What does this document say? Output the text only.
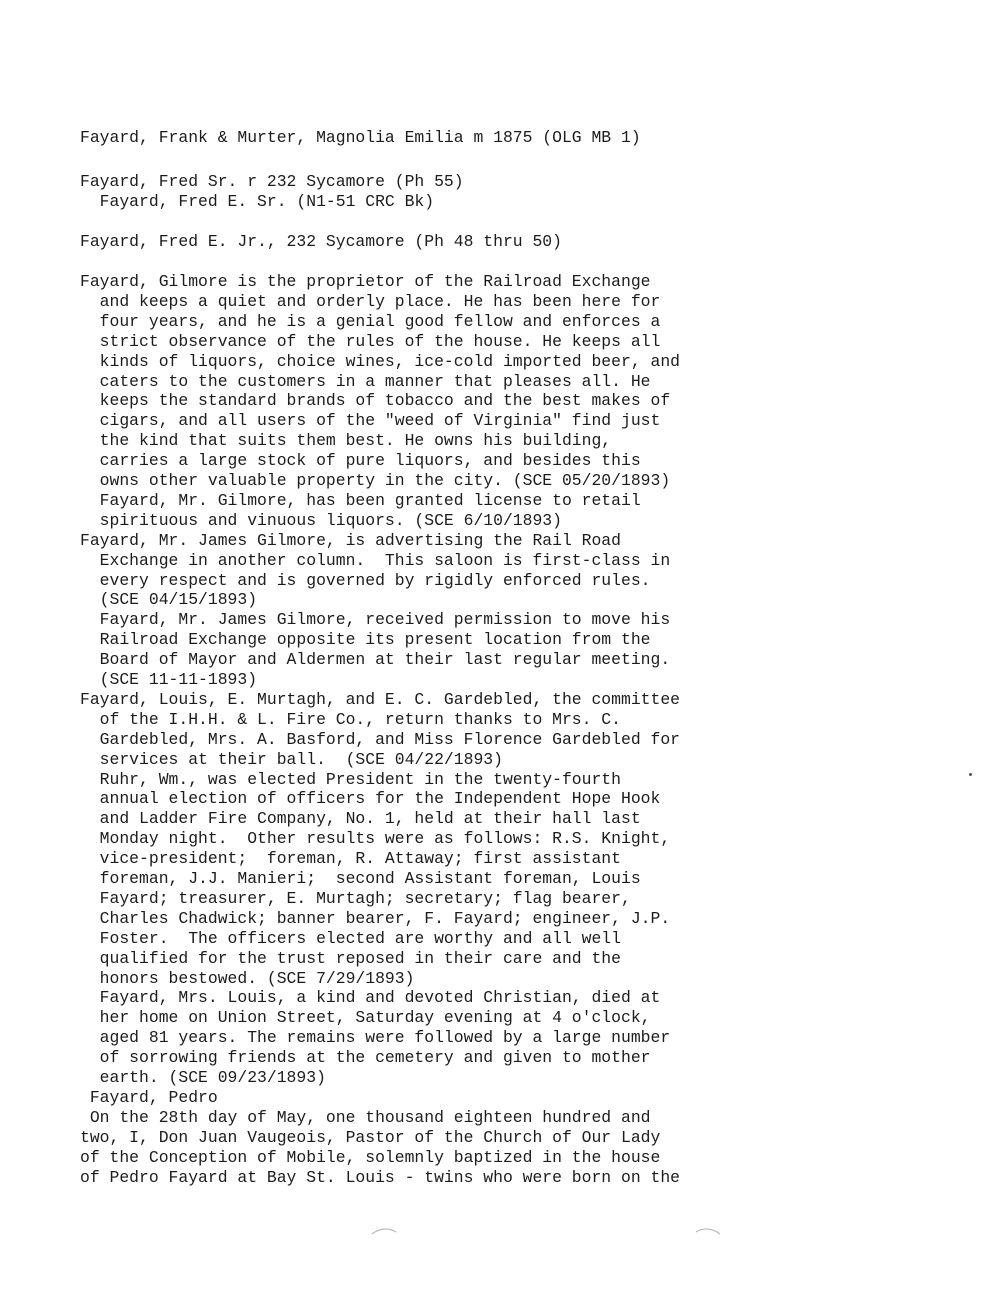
Fayard, Frank & Murter, Magnolia Emilia m 1875 (OLG MB 1)
Fayard, Fred Sr. r 232 Sycamore (Ph 55)
Fayard, Fred E. Sr. (N1-51 CRC Bk)
Fayard, Fred E. Jr., 232 Sycamore (Ph 48 thru 50)
Fayard, Gilmore is the proprietor of the Railroad Exchange
and keeps a quiet and orderly place. He has been here for
four years, and he is a genial good fellow and enforces a
strict observance of the rules of the house. He keeps all
kinds of liquors, choice wines, ice-cold imported beer, and
caters to the customers in a manner that pleases all. He
keeps the standard brands of tobacco and the best makes of
cigars, and all users of the "weed of Virginia" find just
the kind that suits them best. He owns his building,
carries a large stock of pure liquors, and besides this
owns other valuable property in the city. (SCE 05/20/1893)
Fayard, Mr. Gilmore, has been granted license to retail
spirituous and vinuous liquors. (SCE 6/10/1893)
Fayard, Mr. James Gilmore, is advertising the Rail Road
Exchange in another column.  This saloon is first-class in
every respect and is governed by rigidly enforced rules.
(SCE 04/15/1893)
Fayard, Mr. James Gilmore, received permission to move his
Railroad Exchange opposite its present location from the
Board of Mayor and Aldermen at their last regular meeting.
(SCE 11-11-1893)
Fayard, Louis, E. Murtagh, and E. C. Gardebled, the committee
of the I.H.H. & L. Fire Co., return thanks to Mrs. C.
Gardebled, Mrs. A. Basford, and Miss Florence Gardebled for
services at their ball.  (SCE 04/22/1893)
Ruhr, Wm., was elected President in the twenty-fourth
annual election of officers for the Independent Hope Hook
and Ladder Fire Company, No. 1, held at their hall last
Monday night.  Other results were as follows: R.S. Knight,
vice-president;  foreman, R. Attaway; first assistant
foreman, J.J. Manieri;  second Assistant foreman, Louis
Fayard; treasurer, E. Murtagh; secretary; flag bearer,
Charles Chadwick; banner bearer, F. Fayard; engineer, J.P.
Foster.  The officers elected are worthy and all well
qualified for the trust reposed in their care and the
honors bestowed. (SCE 7/29/1893)
Fayard, Mrs. Louis, a kind and devoted Christian, died at
her home on Union Street, Saturday evening at 4 o'clock,
aged 81 years. The remains were followed by a large number
of sorrowing friends at the cemetery and given to mother
earth. (SCE 09/23/1893)
Fayard, Pedro
On the 28th day of May, one thousand eighteen hundred and
two, I, Don Juan Vaugeois, Pastor of the Church of Our Lady
of the Conception of Mobile, solemnly baptized in the house
of Pedro Fayard at Bay St. Louis - twins who were born on the
